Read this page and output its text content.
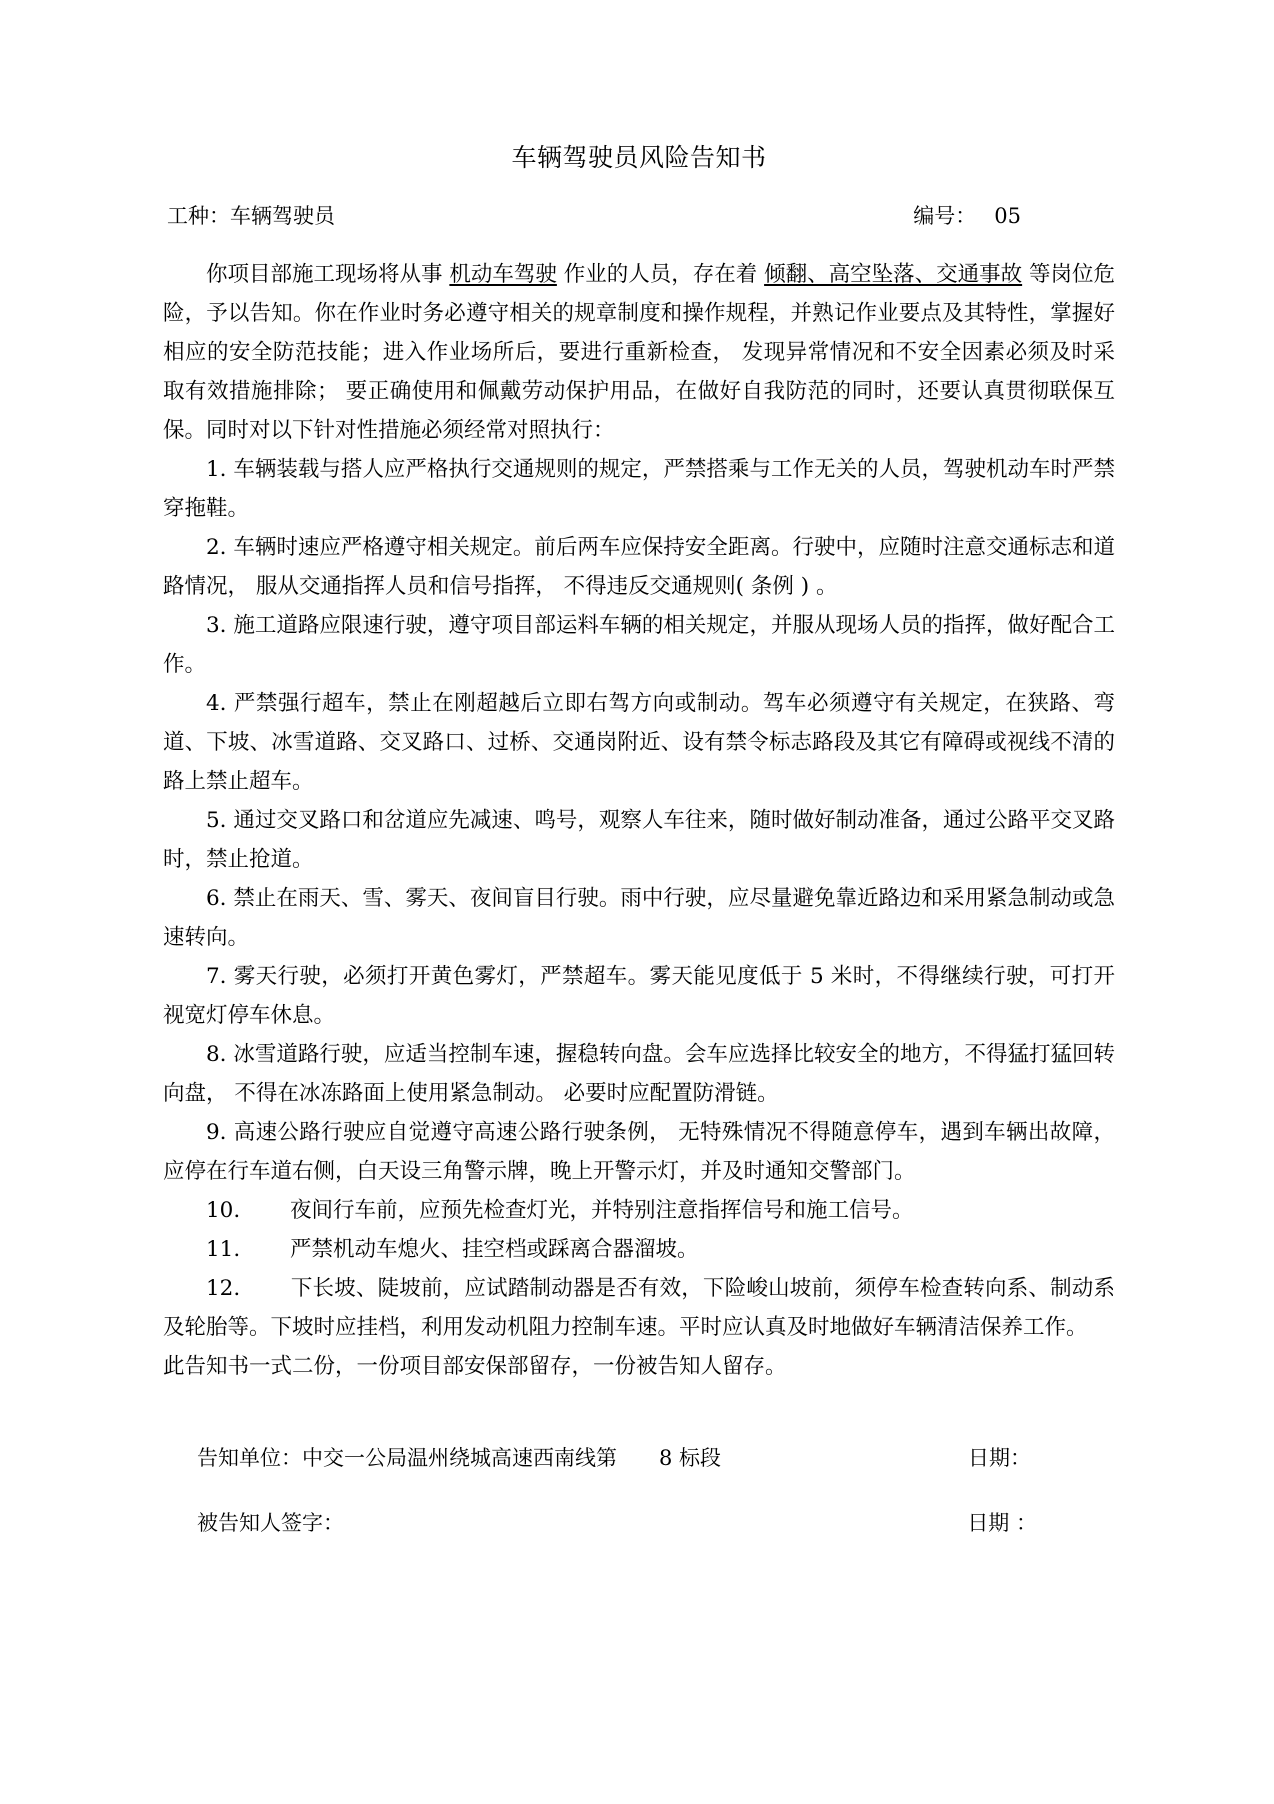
车辆驾驶员风险告知书
工种：车辆驾驶员	编号： 05

你项目部施工现场将从事 机动车驾驶 作业的人员，存在着 倾翻、高空坠落、交通事故 等岗位危险，予以告知。你在作业时务必遵守相关的规章制度和操作规程，并熟记作业要点及其特性，掌握好相应的安全防范技能；进入作业场所后，要进行重新检查， 发现异常情况和不安全因素必须及时采取有效措施排除； 要正确使用和佩戴劳动保护用品，在做好自我防范的同时，还要认真贯彻联保互保。同时对以下针对性措施必须经常对照执行：

1. 车辆装载与搭人应严格执行交通规则的规定，严禁搭乘与工作无关的人员，驾驶机动车时严禁穿拖鞋。

2. 车辆时速应严格遵守相关规定。前后两车应保持安全距离。行驶中，应随时注意交通标志和道路情况， 服从交通指挥人员和信号指挥， 不得违反交通规则( 条例 ) 。

3. 施工道路应限速行驶，遵守项目部运料车辆的相关规定，并服从现场人员的指挥，做好配合工作。

4. 严禁强行超车，禁止在刚超越后立即右驾方向或制动。驾车必须遵守有关规定，在狭路、弯道、下坡、冰雪道路、交叉路口、过桥、交通岗附近、设有禁令标志路段及其它有障碍或视线不清的路上禁止超车。

5. 通过交叉路口和岔道应先减速、鸣号，观察人车往来，随时做好制动准备，通过公路平交叉路时，禁止抢道。

6. 禁止在雨天、雪、雾天、夜间盲目行驶。雨中行驶，应尽量避免靠近路边和采用紧急制动或急速转向。

7. 雾天行驶，必须打开黄色雾灯，严禁超车。雾天能见度低于 5 米时，不得继续行驶，可打开视宽灯停车休息。

8. 冰雪道路行驶，应适当控制车速，握稳转向盘。会车应选择比较安全的地方，不得猛打猛回转向盘， 不得在冰冻路面上使用紧急制动。 必要时应配置防滑链。

9. 高速公路行驶应自觉遵守高速公路行驶条例， 无特殊情况不得随意停车，遇到车辆出故障，应停在行车道右侧，白天设三角警示牌，晚上开警示灯，并及时通知交警部门。

10.　　 夜间行车前，应预先检查灯光，并特别注意指挥信号和施工信号。

11.　　 严禁机动车熄火、挂空档或踩离合器溜坡。

12.　　 下长坡、陡坡前，应试踏制动器是否有效，下险峻山坡前，须停车检查转向系、制动系及轮胎等。下坡时应挂档，利用发动机阻力控制车速。平时应认真及时地做好车辆清洁保养工作。

此告知书一式二份，一份项目部安保部留存，一份被告知人留存。

告知单位：中交一公局温州绕城高速西南线第 　　8 标段	日期：
被告知人签字：	日期 ：
